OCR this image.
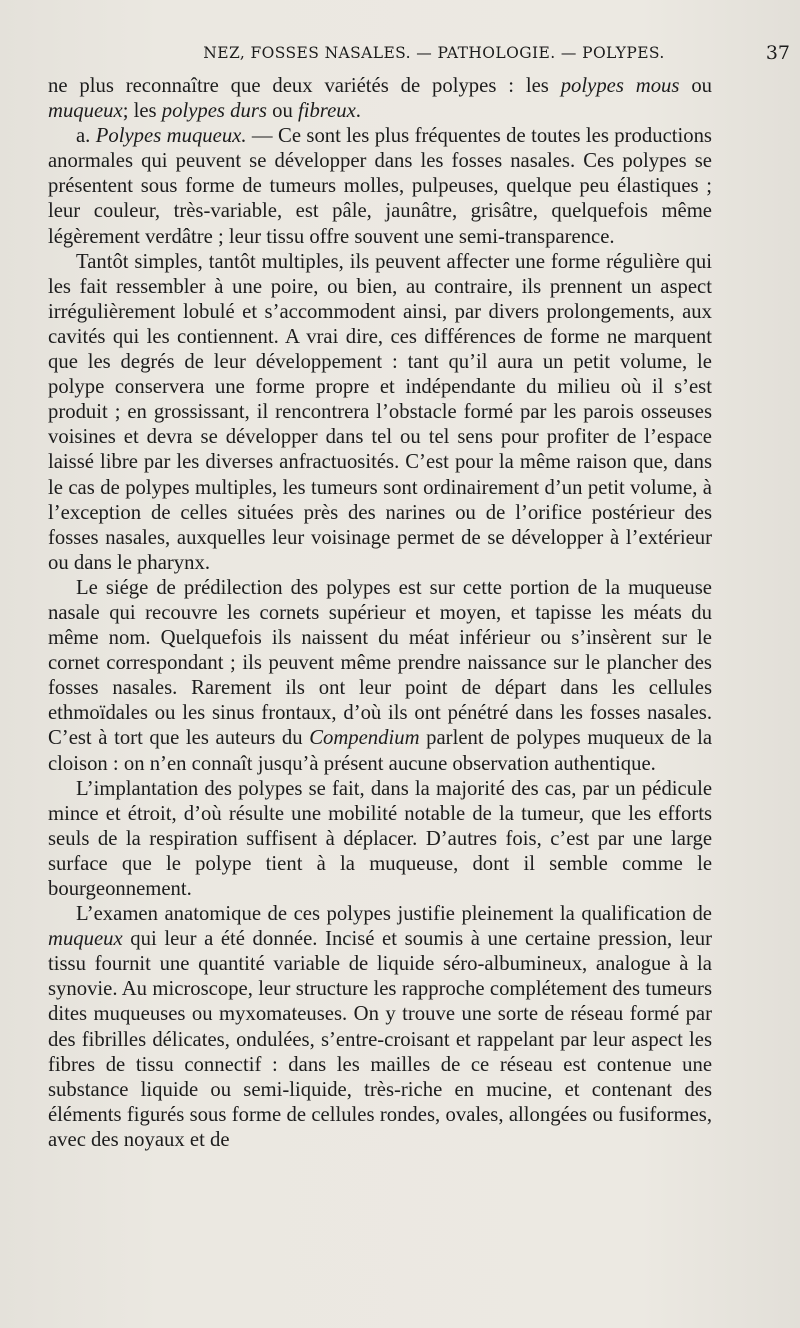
NEZ, FOSSES NASALES. — PATHOLOGIE. — POLYPES.	37

ne plus reconnaître que deux variétés de polypes : les polypes mous ou muqueux; les polypes durs ou fibreux.

a. Polypes muqueux. — Ce sont les plus fréquentes de toutes les productions anormales qui peuvent se développer dans les fosses nasales. Ces polypes se présentent sous forme de tumeurs molles, pulpeuses, quelque peu élastiques ; leur couleur, très-variable, est pâle, jaunâtre, grisâtre, quelquefois même légèrement verdâtre ; leur tissu offre souvent une semi-transparence.

Tantôt simples, tantôt multiples, ils peuvent affecter une forme régulière qui les fait ressembler à une poire, ou bien, au contraire, ils prennent un aspect irrégulièrement lobulé et s’accommodent ainsi, par divers prolongements, aux cavités qui les contiennent. A vrai dire, ces différences de forme ne marquent que les degrés de leur développement : tant qu’il aura un petit volume, le polype conservera une forme propre et indépendante du milieu où il s’est produit ; en grossissant, il rencontrera l’obstacle formé par les parois osseuses voisines et devra se développer dans tel ou tel sens pour profiter de l’espace laissé libre par les diverses anfractuosités. C’est pour la même raison que, dans le cas de polypes multiples, les tumeurs sont ordinairement d’un petit volume, à l’exception de celles situées près des narines ou de l’orifice postérieur des fosses nasales, auxquelles leur voisinage permet de se développer à l’extérieur ou dans le pharynx.

Le siége de prédilection des polypes est sur cette portion de la muqueuse nasale qui recouvre les cornets supérieur et moyen, et tapisse les méats du même nom. Quelquefois ils naissent du méat inférieur ou s’insèrent sur le cornet correspondant ; ils peuvent même prendre naissance sur le plancher des fosses nasales. Rarement ils ont leur point de départ dans les cellules ethmoïdales ou les sinus frontaux, d’où ils ont pénétré dans les fosses nasales. C’est à tort que les auteurs du Compendium parlent de polypes muqueux de la cloison : on n’en connaît jusqu’à présent aucune observation authentique.

L’implantation des polypes se fait, dans la majorité des cas, par un pédicule mince et étroit, d’où résulte une mobilité notable de la tumeur, que les efforts seuls de la respiration suffisent à déplacer. D’autres fois, c’est par une large surface que le polype tient à la muqueuse, dont il semble comme le bourgeonnement.

L’examen anatomique de ces polypes justifie pleinement la qualification de muqueux qui leur a été donnée. Incisé et soumis à une certaine pression, leur tissu fournit une quantité variable de liquide séro-albumineux, analogue à la synovie. Au microscope, leur structure les rapproche complétement des tumeurs dites muqueuses ou myxomateuses. On y trouve une sorte de réseau formé par des fibrilles délicates, ondulées, s’entre-croisant et rappelant par leur aspect les fibres de tissu connectif : dans les mailles de ce réseau est contenue une substance liquide ou semi-liquide, très-riche en mucine, et contenant des éléments figurés sous forme de cellules rondes, ovales, allongées ou fusiformes, avec des noyaux et de
